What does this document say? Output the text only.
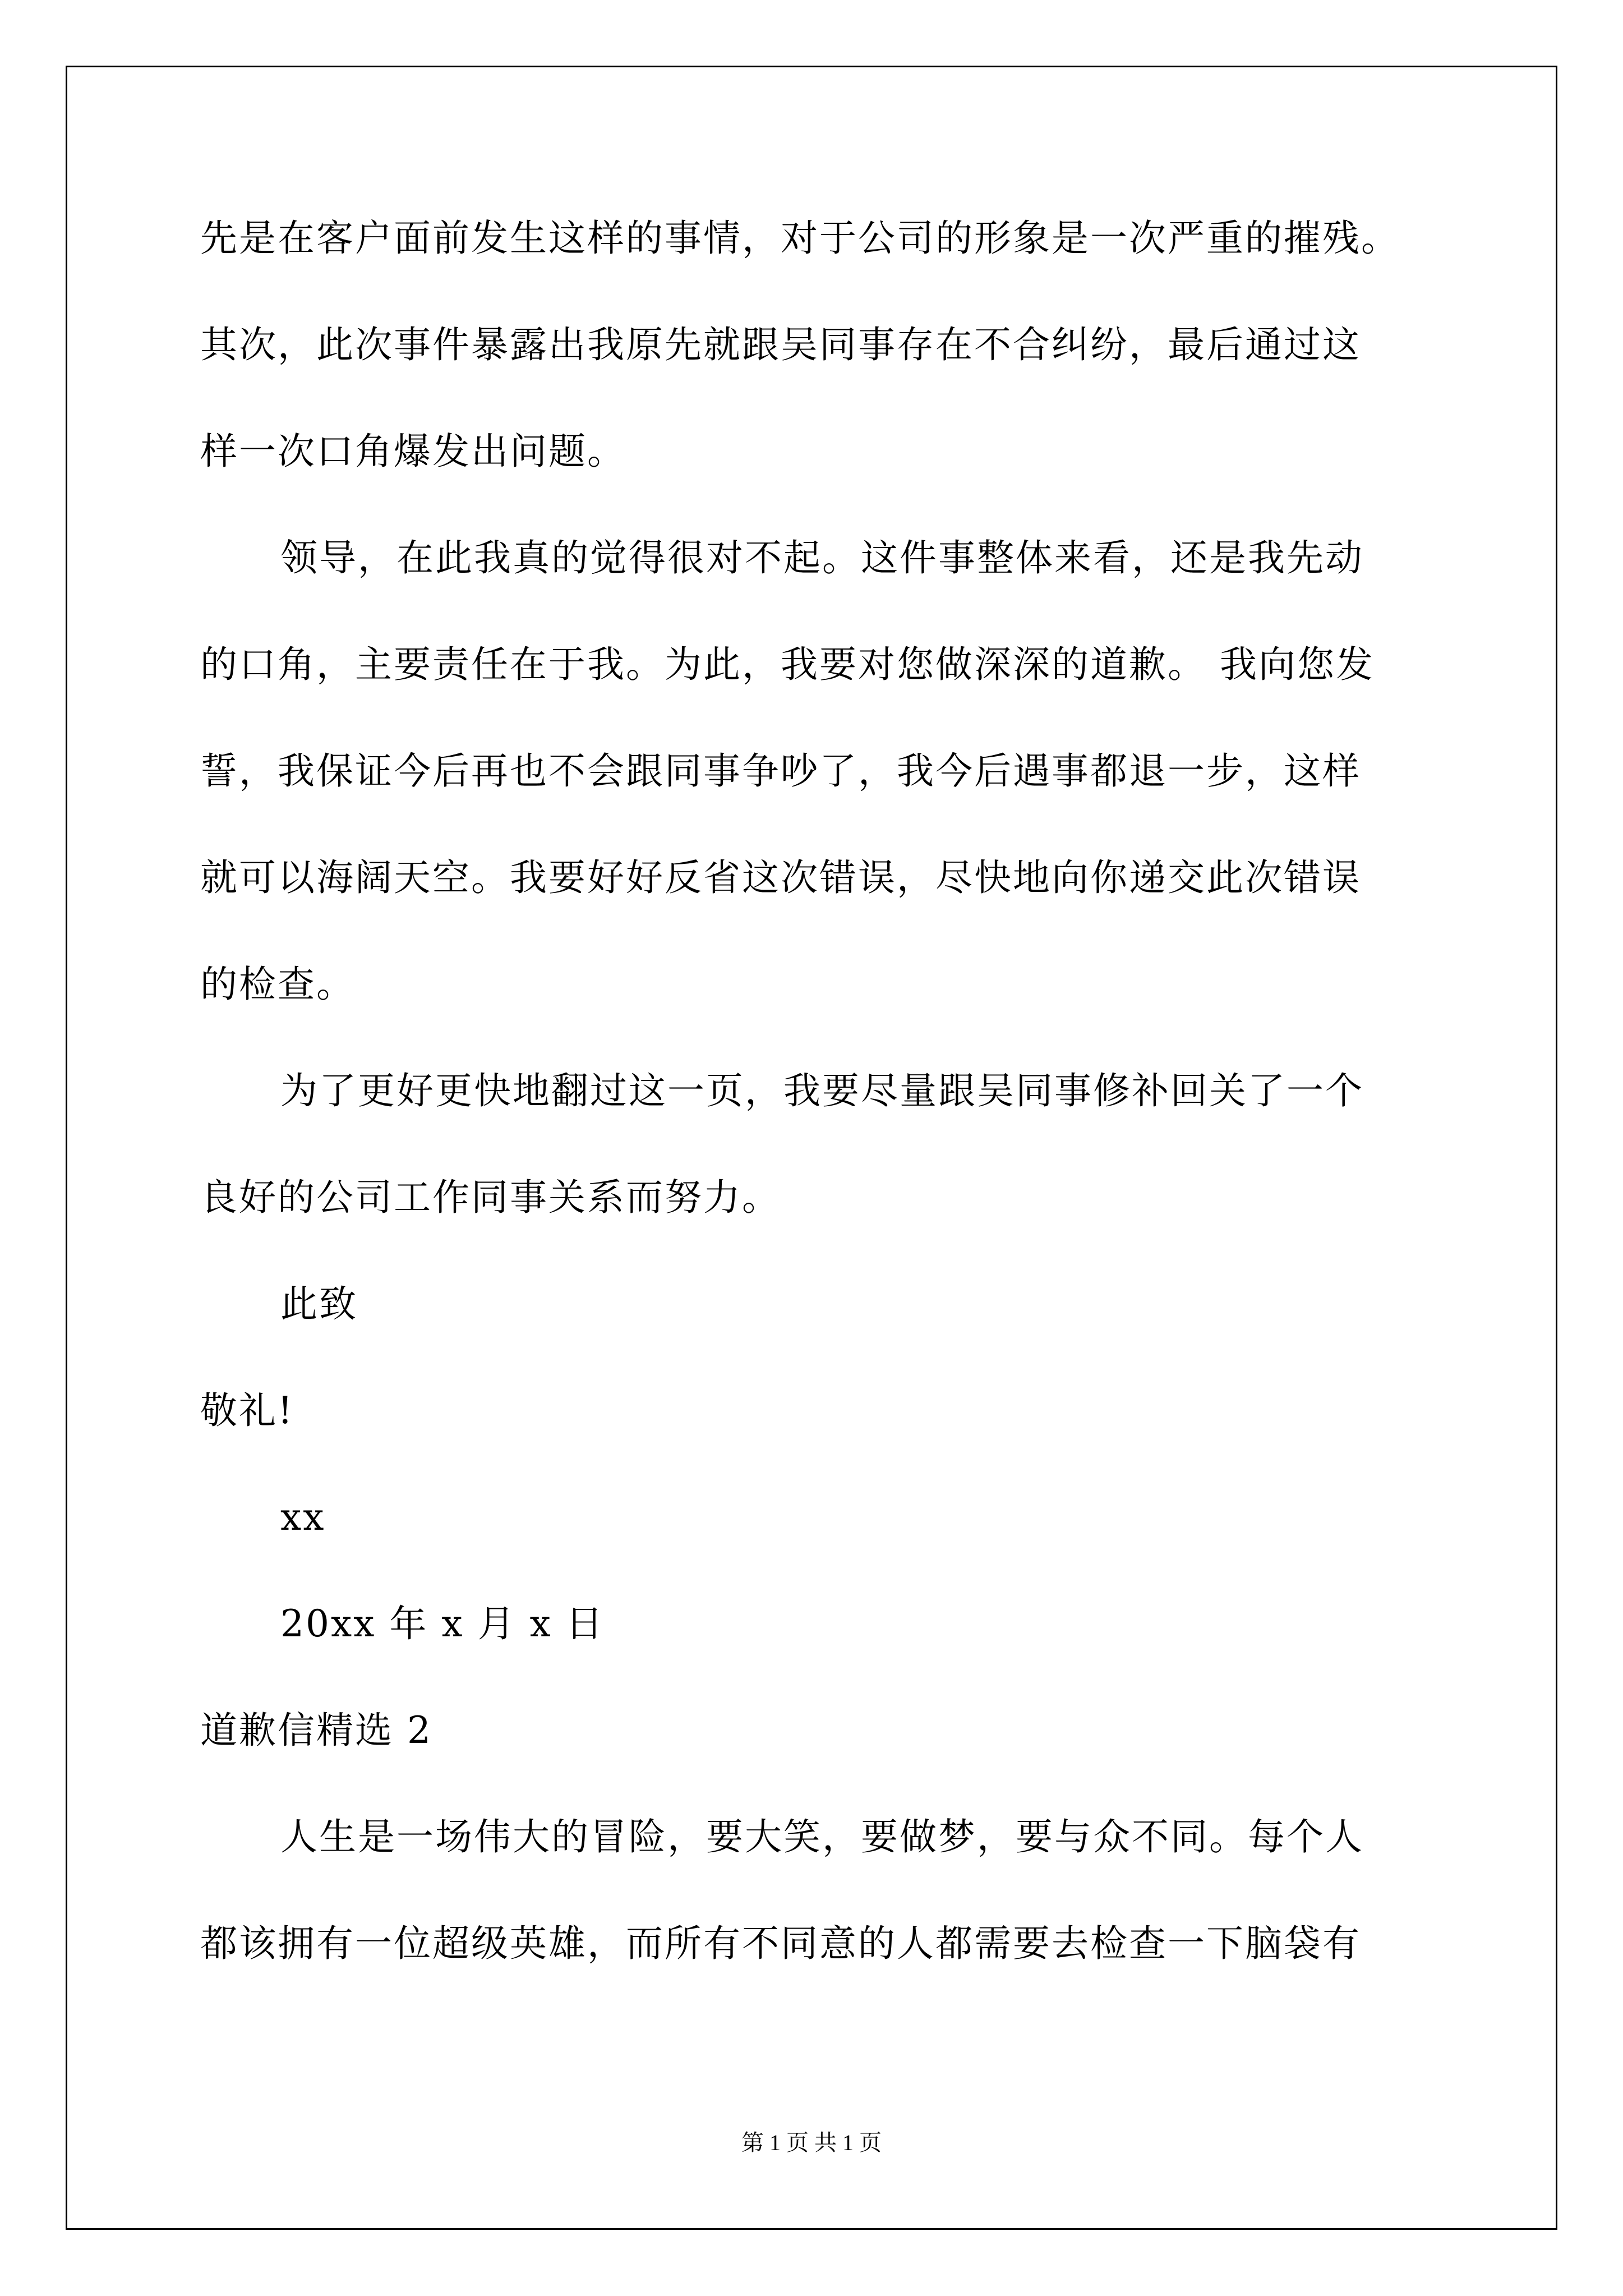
先是在客户面前发生这样的事情，对于公司的形象是一次严重的摧残。
其次，此次事件暴露出我原先就跟吴同事存在不合纠纷，最后通过这
样一次口角爆发出问题。
领导，在此我真的觉得很对不起。这件事整体来看，还是我先动
的口角，主要责任在于我。为此，我要对您做深深的道歉。 我向您发
誓，我保证今后再也不会跟同事争吵了，我今后遇事都退一步，这样
就可以海阔天空。我要好好反省这次错误，尽快地向你递交此次错误
的检查。
为了更好更快地翻过这一页，我要尽量跟吴同事修补回关了一个
良好的公司工作同事关系而努力。
此致
敬礼!
xx
20xx 年 x 月 x 日
道歉信精选 2
人生是一场伟大的冒险，要大笑，要做梦，要与众不同。每个人
都该拥有一位超级英雄，而所有不同意的人都需要去检查一下脑袋有
第 1 页 共 1 页
